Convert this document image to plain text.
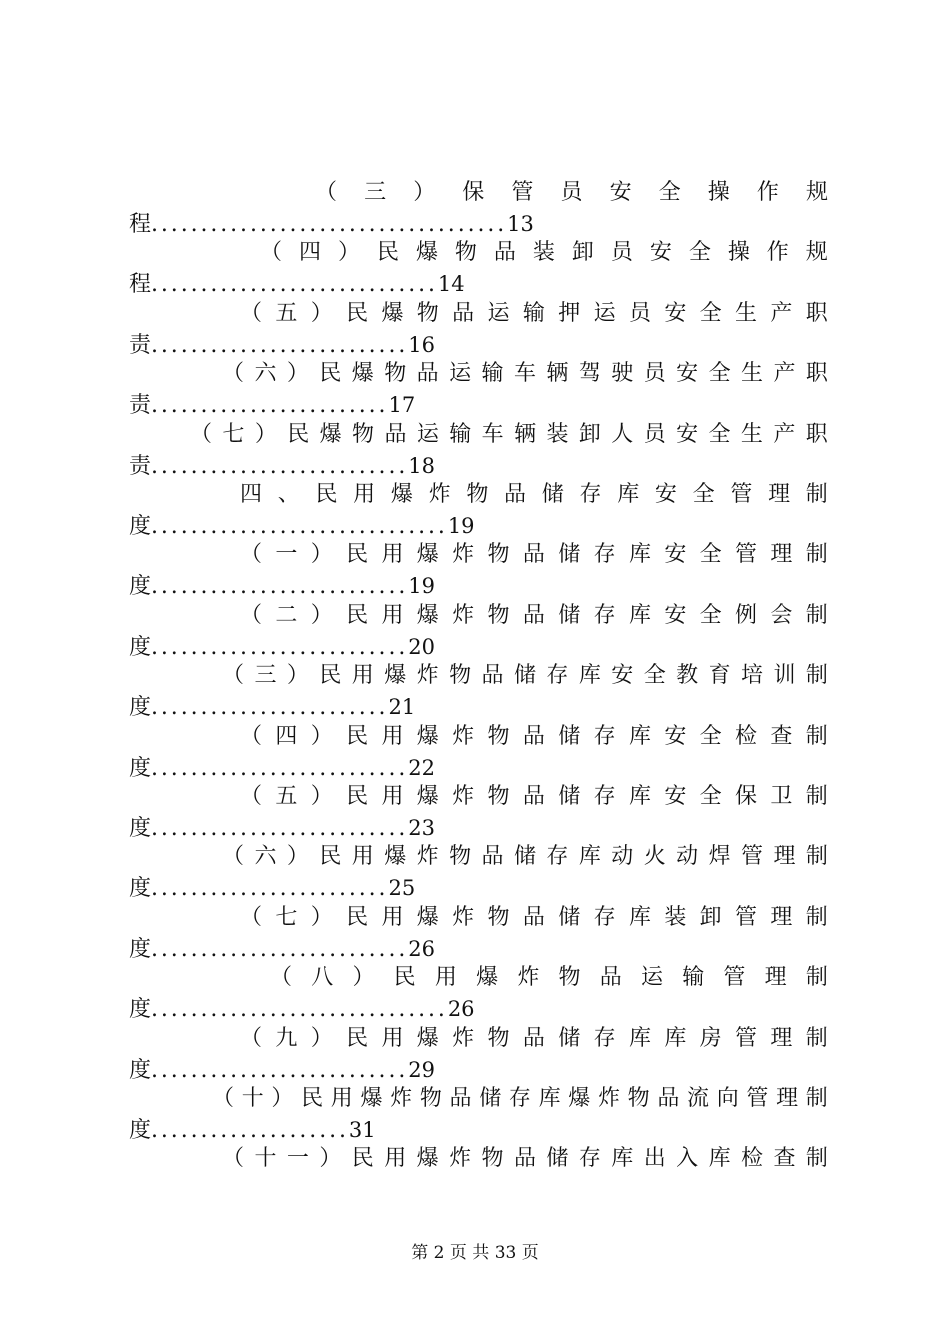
（ 三 ） 保 管 员 安 全 操 作 规
程....................................13
（ 四 ） 民 爆 物 品 装 卸 员 安 全 操 作 规
程.............................14
（ 五 ） 民 爆 物 品 运 输 押 运 员 安 全 生 产 职
责..........................16
（ 六 ） 民 爆 物 品 运 输 车 辆 驾 驶 员 安 全 生 产 职
责........................17
（ 七 ） 民 爆 物 品 运 输 车 辆 装 卸 人 员 安 全 生 产 职
责..........................18
四 、 民 用 爆 炸 物 品 储 存 库 安 全 管 理 制
度..............................19
（ 一 ） 民 用 爆 炸 物 品 储 存 库 安 全 管 理 制
度..........................19
（ 二 ） 民 用 爆 炸 物 品 储 存 库 安 全 例 会 制
度..........................20
（ 三 ） 民 用 爆 炸 物 品 储 存 库 安 全 教 育 培 训 制
度........................21
（ 四 ） 民 用 爆 炸 物 品 储 存 库 安 全 检 查 制
度..........................22
（ 五 ） 民 用 爆 炸 物 品 储 存 库 安 全 保 卫 制
度..........................23
（ 六 ） 民 用 爆 炸 物 品 储 存 库 动 火 动 焊 管 理 制
度........................25
（ 七 ） 民 用 爆 炸 物 品 储 存 库 装 卸 管 理 制
度..........................26
（ 八 ） 民 用 爆 炸 物 品 运 输 管 理 制
度..............................26
（ 九 ） 民 用 爆 炸 物 品 储 存 库 库 房 管 理 制
度..........................29
（ 十 ） 民 用 爆 炸 物 品 储 存 库 爆 炸 物 品 流 向 管 理 制
度....................31
（ 十 一 ） 民 用 爆 炸 物 品 储 存 库 出 入 库 检 查 制
第 2 页 共 33 页
